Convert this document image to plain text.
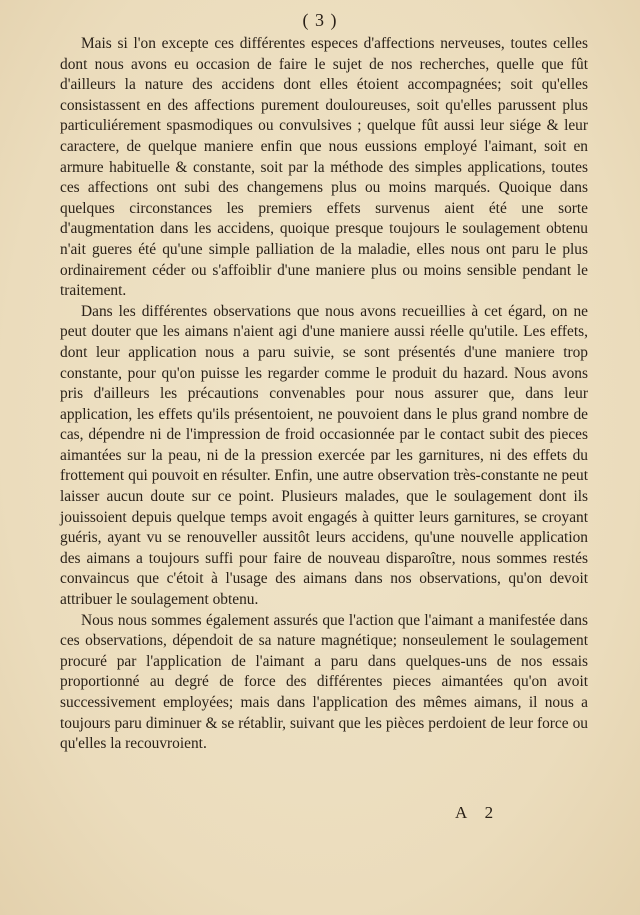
( 3 )

Mais si l'on excepte ces différentes especes d'affections nerveuses, toutes celles dont nous avons eu occasion de faire le sujet de nos recherches, quelle que fût d'ailleurs la nature des accidens dont elles étoient accompagnées; soit qu'elles consistassent en des affections purement douloureuses, soit qu'elles parussent plus particuliérement spasmodiques ou convulsives ; quelque fût aussi leur siége & leur caractere, de quelque maniere enfin que nous eussions employé l'aimant, soit en armure habituelle & constante, soit par la méthode des simples applications, toutes ces affections ont subi des changemens plus ou moins marqués. Quoique dans quelques circonstances les premiers effets survenus aient été une sorte d'augmentation dans les accidens, quoique presque toujours le soulagement obtenu n'ait gueres été qu'une simple palliation de la maladie, elles nous ont paru le plus ordinairement céder ou s'affoiblir d'une maniere plus ou moins sensible pendant le traitement.

Dans les différentes observations que nous avons recueillies à cet égard, on ne peut douter que les aimans n'aient agi d'une maniere aussi réelle qu'utile. Les effets, dont leur application nous a paru suivie, se sont présentés d'une maniere trop constante, pour qu'on puisse les regarder comme le produit du hazard. Nous avons pris d'ailleurs les précautions convenables pour nous assurer que, dans leur application, les effets qu'ils présentoient, ne pouvoient dans le plus grand nombre de cas, dépendre ni de l'impression de froid occasionnée par le contact subit des pieces aimantées sur la peau, ni de la pression exercée par les garnitures, ni des effets du frottement qui pouvoit en résulter. Enfin, une autre observation très-constante ne peut laisser aucun doute sur ce point. Plusieurs malades, que le soulagement dont ils jouissoient depuis quelque temps avoit engagés à quitter leurs garnitures, se croyant guéris, ayant vu se renouveller aussitôt leurs accidens, qu'une nouvelle application des aimans a toujours suffi pour faire de nouveau disparoître, nous sommes restés convaincus que c'étoit à l'usage des aimans dans nos observations, qu'on devoit attribuer le soulagement obtenu.

Nous nous sommes également assurés que l'action que l'aimant a manifestée dans ces observations, dépendoit de sa nature magnétique; nonseulement le soulagement procuré par l'application de l'aimant a paru dans quelques-uns de nos essais proportionné au degré de force des différentes pieces aimantées qu'on avoit successivement employées; mais dans l'application des mêmes aimans, il nous a toujours paru diminuer & se rétablir, suivant que les pièces perdoient de leur force ou qu'elles la recouvroient.

A 2
